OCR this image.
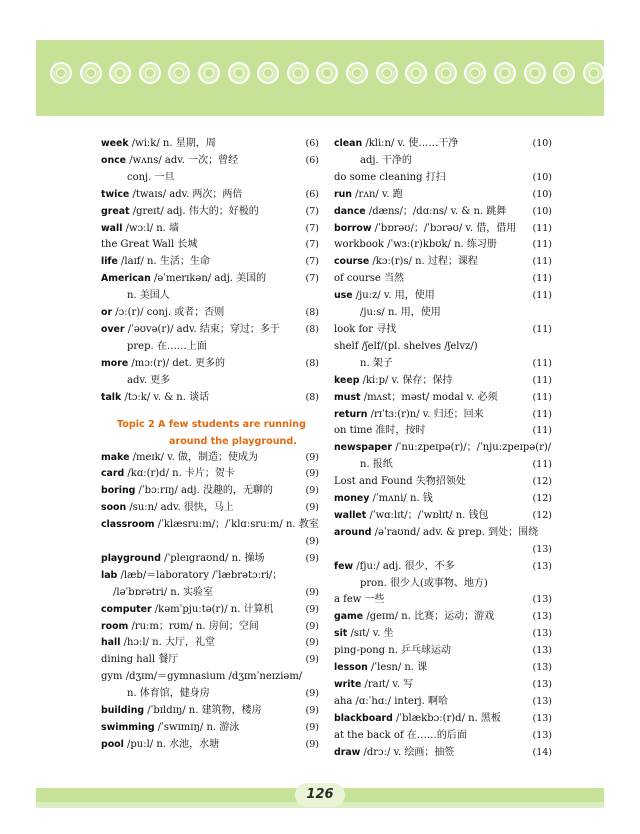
week /wiːk/ n. 星期，周	(6)
once /wʌns/ adv. 一次；曾经	(6)
conj. 一旦
twice /twaɪs/ adv. 两次；两倍	(6)
great /greɪt/ adj. 伟大的；好极的	(7)
wall /wɔːl/ n. 墙	(7)
the Great Wall 长城	(7)
life /laɪf/ n. 生活；生命	(7)
American /əˈmerɪkən/ adj. 美国的	(7)
n. 美国人
or /ɔː(r)/ conj. 或者；否则	(8)
over /ˈəʊvə(r)/ adv. 结束；穿过；多于	(8)
prep. 在……上面
more /mɔː(r)/ det. 更多的	(8)
adv. 更多
talk /tɔːk/ v. & n. 谈话	(8)
Topic 2 A few students are running
around the playground.
make /meɪk/ v. 做，制造；使成为	(9)
card /kɑː(r)d/ n. 卡片；贺卡	(9)
boring /ˈbɔːrɪŋ/ adj. 没趣的，无聊的	(9)
soon /suːn/ adv. 很快，马上	(9)
classroom /ˈklæsruːm/；/ˈklɑːsruːm/ n. 教室

(9)
playground /ˈpleɪgraʊnd/ n. 操场	(9)
lab /læb/＝laboratory /ˈlæbrətɔːri/；
/ləˈbɒrətri/ n. 实验室	(9)
computer /kəmˈpjuːtə(r)/ n. 计算机	(9)
room /ruːm；rʊm/ n. 房间；空间	(9)
hall /hɔːl/ n. 大厅，礼堂	(9)
dining hall 餐厅	(9)
gym /dʒɪm/＝gymnasium /dʒɪmˈneɪziəm/
n. 体育馆，健身房	(9)
building /ˈbɪldɪŋ/ n. 建筑物，楼房	(9)
swimming /ˈswɪmɪŋ/ n. 游泳	(9)
pool /puːl/ n. 水池，水塘	(9)
clean /kliːn/ v. 使……干净	(10)
adj. 干净的
do some cleaning 打扫	(10)
run /rʌn/ v. 跑	(10)
dance /dæns/；/dɑːns/ v. & n. 跳舞	(10)
borrow /ˈbɒrəʊ/；/ˈbɔrəʊ/ v. 借，借用 (11)
workbook /ˈwɜː(r)kbʊk/ n. 练习册	(11)
course /kɔː(r)s/ n. 过程；课程	(11)
of course 当然	(11)
use /juːz/ v. 用，使用	(11)
/juːs/ n. 用，使用
look for 寻找	(11)
shelf /ʃelf/(pl. shelves /ʃelvz/)
n. 架子	(11)
keep /kiːp/ v. 保存；保持	(11)
must /mʌst；məst/ modal v. 必须	(11)
return /rɪˈtɜː(r)n/ v. 归还；回来	(11)
on time 准时，按时	(11)
newspaper /ˈnuːzpeɪpə(r)/；/ˈnjuːzpeɪpə(r)/
n. 报纸	(11)
Lost and Found 失物招领处	(12)
money /ˈmʌni/ n. 钱	(12)
wallet /ˈwɑːlɪt/；/ˈwɒlɪt/ n. 钱包	(12)
around /əˈraʊnd/ adv. & prep. 到处；围绕

(13)
few /fjuː/ adj. 很少，不多	(13)
pron. 很少人(或事物、地方)
a few 一些	(13)
game /geɪm/ n. 比赛；运动；游戏	(13)
sit /sɪt/ v. 坐	(13)
ping-pong n. 乒乓球运动	(13)
lesson /ˈlesn/ n. 课	(13)
write /raɪt/ v. 写	(13)
aha /ɑːˈhɑː/ interj. 啊哈	(13)
blackboard /ˈblækbɔː(r)d/ n. 黑板	(13)
at the back of 在……的后面	(13)
draw /drɔː/ v. 绘画；抽签	(14)
126
